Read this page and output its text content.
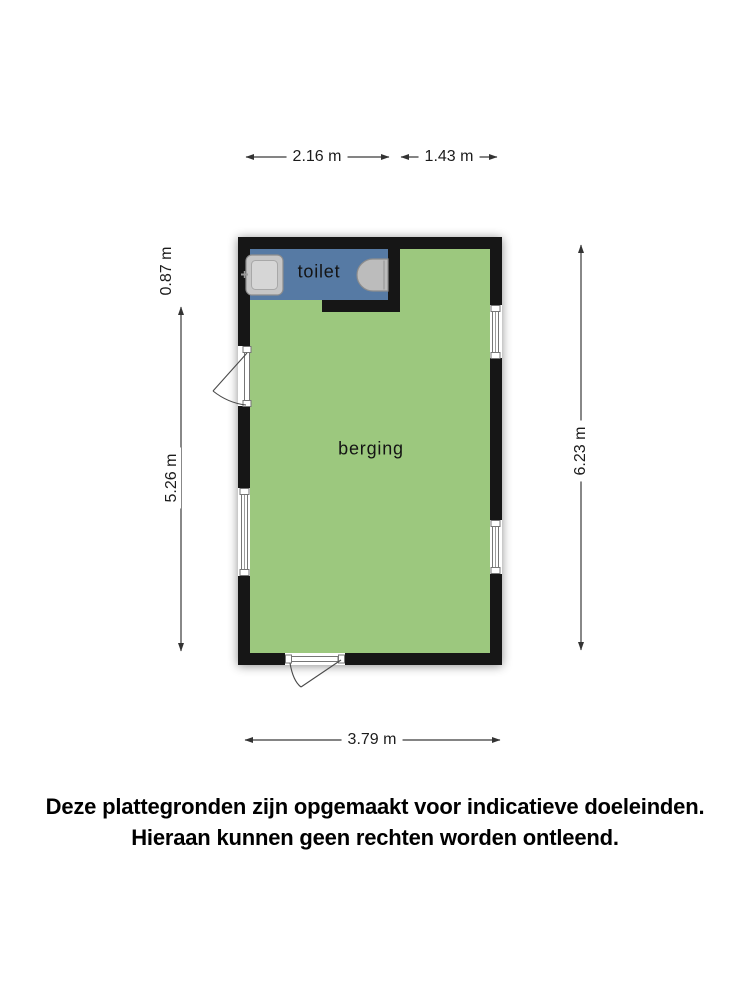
2.16 m	1.43 m
0.87 m
5.26 m
6.23 m
3.79 m
toilet
berging
Deze plattegronden zijn opgemaakt voor indicatieve doeleinden.
Hieraan kunnen geen rechten worden ontleend.
